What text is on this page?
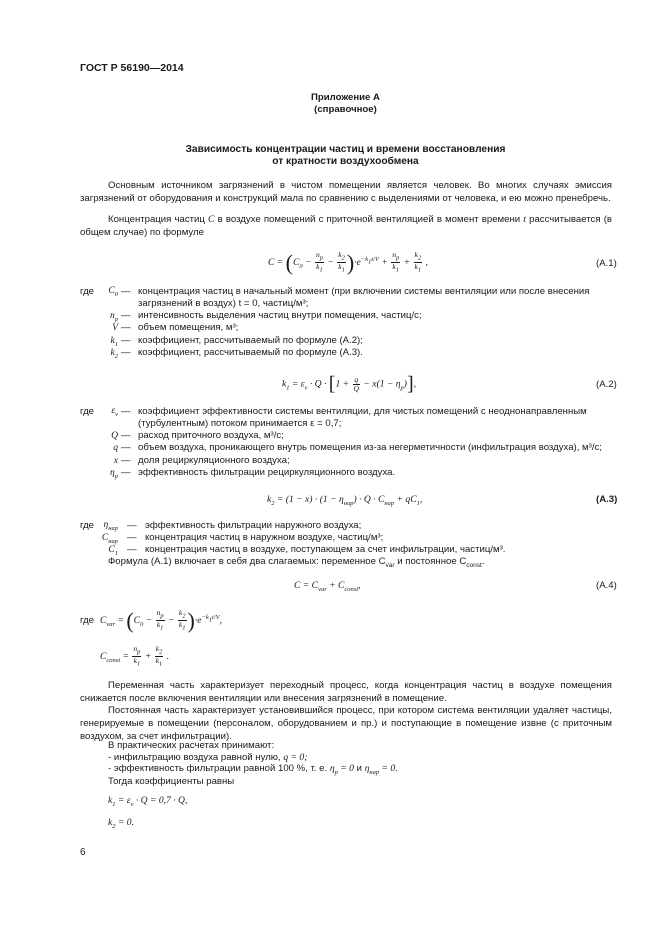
ГОСТ Р 56190—2014
Приложение А
(справочное)
Зависимость концентрации частиц и времени восстановления
от кратности воздухообмена
Основным источником загрязнений в чистом помещении является человек. Во многих случаях эмиссия загрязнений от оборудования и конструкций мала по сравнению с выделениями от человека, и ею можно пренебречь.
Концентрация частиц C в воздухе помещений с приточной вентиляцией в момент времени t рассчитывается (в общем случае) по формуле
$C = (C_0 - \frac{n_p}{k_1} - \frac{k_2}{k_1} )\cdot e^{-k_1t/V} + \frac{n_p}{k_1} + \frac{k_2}{k_1}$ ,	(А.1)
где	$C_0$ — концентрация частиц в начальный момент (при включении системы вентиляции или после внесения
загрязнений в воздух) t = 0, частиц/м³;
$n_p$ — интенсивность выделения частиц внутри помещения, частиц/с;
V — объем помещения, м³;
$k_1$ — коэффициент, рассчитываемый по формуле (А.2);
$k_2$ — коэффициент, рассчитываемый по формуле (А.3).
$k_1 = \varepsilon_v \cdot Q \cdot [1 + \frac{q}{Q} - x(1 - \eta_p)]$,	(А.2)
где	$\varepsilon_v$ — коэффициент эффективности системы вентиляции, для чистых помещений с неоднонаправленным
(турбулентным) потоком принимается ε = 0,7;
Q — расход приточного воздуха, м³/с;
q — объем воздуха, проникающего внутрь помещения из-за негерметичности (инфильтрация воздуха), м³/с;
x — доля рециркуляционного воздуха;
$\eta_p$ — эффективность фильтрации рециркуляционного воздуха.
$k_2 = (1 - x) \cdot (1 - \eta_{нар}) \cdot Q \cdot C_{нар} + qC_1$,	(А.3)
где $\eta_{нар}$ — эффективность фильтрации наружного воздуха;
$C_{нар}$ — концентрация частиц в наружном воздухе, частиц/м³;
$C_1$ — концентрация частиц в воздухе, поступающем за счет инфильтрации, частиц/м³.
Формула (А.1) включает в себя два слагаемых: переменное $C_{var}$ и постоянное $C_{const}$.
$C = C_{var} + C_{const}$,	(А.4)
где $C_{var} = (C_0 - \frac{n_p}{k_1} - \frac{k_2}{k_1} )\cdot e^{-k_1t/V}$,
$C_{const} = \frac{n_p}{k_1} + \frac{k_2}{k_1}$ .
Переменная часть характеризует переходный процесс, когда концентрация частиц в воздухе помещения снижается после включения вентиляции или внесения загрязнений в помещение.
Постоянная часть характеризует установившийся процесс, при котором система вентиляции удаляет частицы, генерируемые в помещении (персоналом, оборудованием и пр.) и поступающие в помещение извне (с приточным воздухом, за счет инфильтрации).
В практических расчетах принимают:
- инфильтрацию воздуха равной нулю, q = 0;
- эффективность фильтрации равной 100 %, т. е. $\eta_p = 0$ и $\eta_{нар} = 0$.
Тогда коэффициенты равны
$k_1 = \varepsilon_v \cdot Q = 0,7 \cdot Q$,
$k_2 = 0$.
6
